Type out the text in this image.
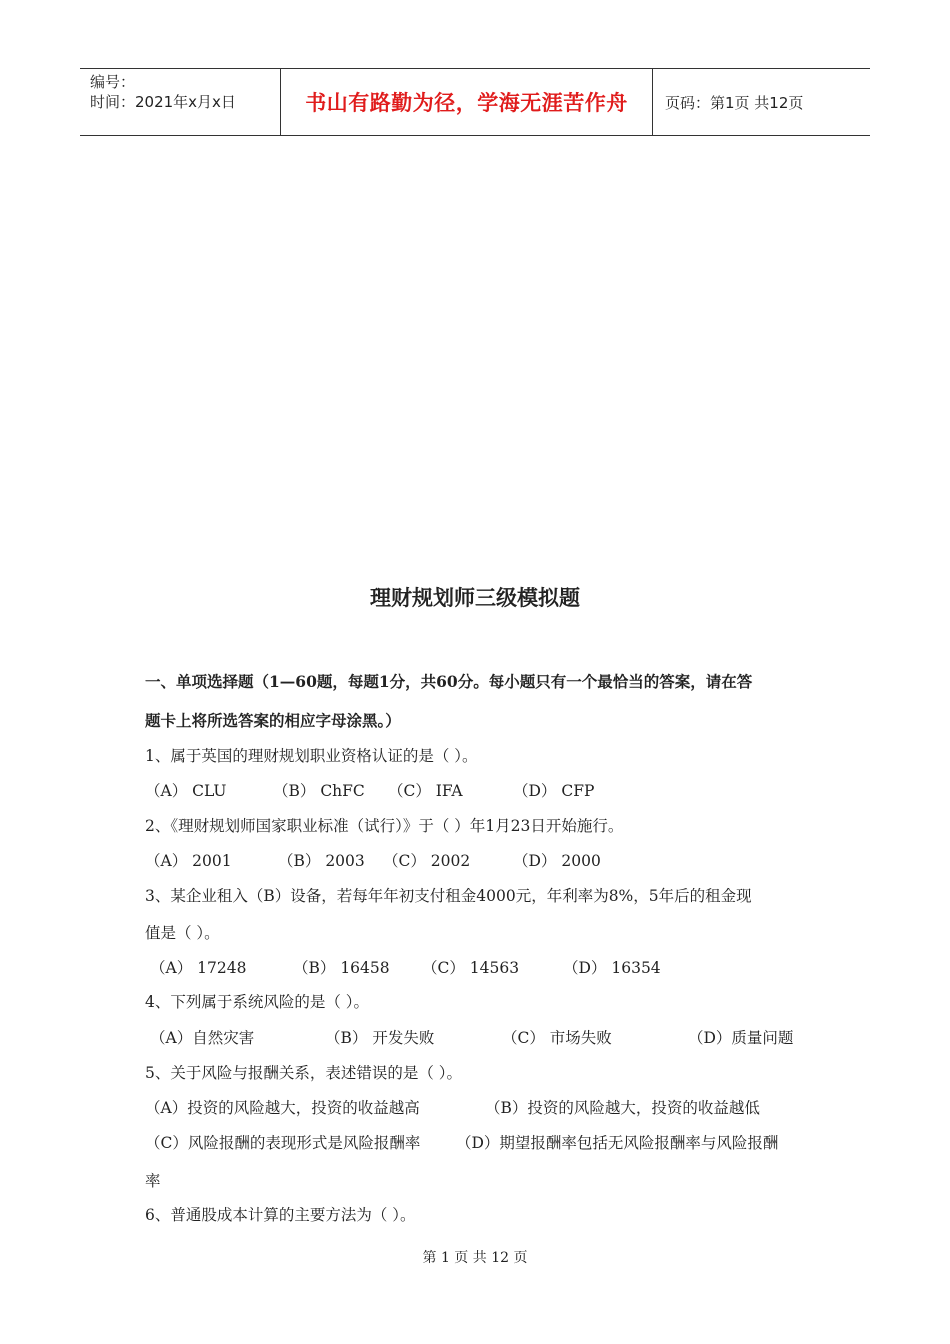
编号：
时间：2021年x月x日	书山有路勤为径，学海无涯苦作舟	页码：第1页 共12页
理财规划师三级模拟题
一、单项选择题（1—60题，每题1分，共60分。每小题只有一个最恰当的答案，请在答
题卡上将所选答案的相应字母涂黑。）
1、属于英国的理财规划职业资格认证的是（ ）。
（A） CLU	（B） ChFC （C） IFA	（D） CFP
2、《理财规划师国家职业标准（试行）》于（ ）年1月23日开始施行。
（A） 2001	（B） 2003 （C） 2002	（D） 2000
3、某企业租入（B）设备，若每年年初支付租金4000元，年利率为8%，5年后的租金现
值是（ ）。
（A） 17248	（B） 16458 （C） 14563	（D） 16354
4、下列属于系统风险的是（ ）。
（A）自然灾害	（B） 开发失败	（C） 市场失败	（D）质量问题
5、关于风险与报酬关系，表述错误的是（ ）。
（A）投资的风险越大，投资的收益越高	（B）投资的风险越大，投资的收益越低
（C）风险报酬的表现形式是风险报酬率 （D）期望报酬率包括无风险报酬率与风险报酬
率
6、普通股成本计算的主要方法为（ ）。
第 1 页 共 12 页
